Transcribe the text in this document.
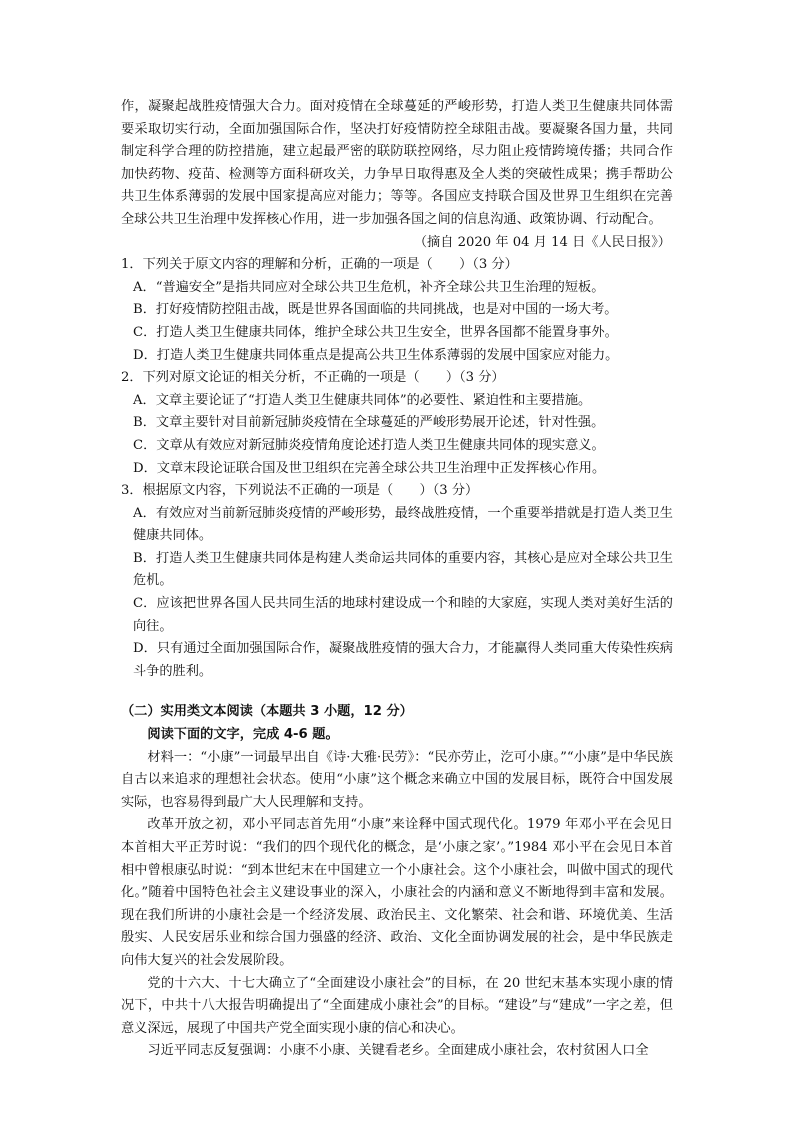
作，凝聚起战胜疫情强大合力。面对疫情在全球蔓延的严峻形势，打造人类卫生健康共同体需要采取切实行动，全面加强国际合作，坚决打好疫情防控全球阻击战。要凝聚各国力量，共同制定科学合理的防控措施，建立起最严密的联防联控网络，尽力阻止疫情跨境传播；共同合作加快药物、疫苗、检测等方面科研攻关，力争早日取得惠及全人类的突破性成果；携手帮助公共卫生体系薄弱的发展中国家提高应对能力；等等。各国应支持联合国及世界卫生组织在完善全球公共卫生治理中发挥核心作用，进一步加强各国之间的信息沟通、政策协调、行动配合。

（摘自 2020 年 04 月 14 日《人民日报》）

1．下列关于原文内容的理解和分析，正确的一项是（　　）（3 分）

A．“普遍安全”是指共同应对全球公共卫生危机，补齐全球公共卫生治理的短板。

B．打好疫情防控阻击战，既是世界各国面临的共同挑战，也是对中国的一场大考。

C．打造人类卫生健康共同体，维护全球公共卫生安全，世界各国都不能置身事外。

D．打造人类卫生健康共同体重点是提高公共卫生体系薄弱的发展中国家应对能力。

2．下列对原文论证的相关分析，不正确的一项是（　　）（3 分）

A．文章主要论证了“打造人类卫生健康共同体”的必要性、紧迫性和主要措施。

B．文章主要针对目前新冠肺炎疫情在全球蔓延的严峻形势展开论述，针对性强。

C．文章从有效应对新冠肺炎疫情角度论述打造人类卫生健康共同体的现实意义。

D．文章末段论证联合国及世卫组织在完善全球公共卫生治理中正发挥核心作用。

3．根据原文内容，下列说法不正确的一项是（　　）（3 分）

A．有效应对当前新冠肺炎疫情的严峻形势，最终战胜疫情，一个重要举措就是打造人类卫生健康共同体。

B．打造人类卫生健康共同体是构建人类命运共同体的重要内容，其核心是应对全球公共卫生危机。

C．应该把世界各国人民共同生活的地球村建设成一个和睦的大家庭，实现人类对美好生活的向往。

D．只有通过全面加强国际合作，凝聚战胜疫情的强大合力，才能赢得人类同重大传染性疾病斗争的胜利。

（二）实用类文本阅读（本题共 3 小题，12 分）

阅读下面的文字，完成 4-6 题。

材料一：“小康”一词最早出自《诗·大雅·民劳》：“民亦劳止，汔可小康。”“小康”是中华民族自古以来追求的理想社会状态。使用“小康”这个概念来确立中国的发展目标，既符合中国发展实际，也容易得到最广大人民理解和支持。

改革开放之初，邓小平同志首先用“小康”来诠释中国式现代化。1979 年邓小平在会见日本首相大平正芳时说：“我们的四个现代化的概念，是‘小康之家’。”1984 邓小平在会见日本首相中曾根康弘时说：“到本世纪末在中国建立一个小康社会。这个小康社会，叫做中国式的现代化。”随着中国特色社会主义建设事业的深入，小康社会的内涵和意义不断地得到丰富和发展。现在我们所讲的小康社会是一个经济发展、政治民主、文化繁荣、社会和谐、环境优美、生活殷实、人民安居乐业和综合国力强盛的经济、政治、文化全面协调发展的社会，是中华民族走向伟大复兴的社会发展阶段。

党的十六大、十七大确立了“全面建设小康社会”的目标，在 20 世纪末基本实现小康的情况下，中共十八大报告明确提出了“全面建成小康社会”的目标。“建设”与“建成”一字之差，但意义深远，展现了中国共产党全面实现小康的信心和决心。

习近平同志反复强调：小康不小康、关键看老乡。全面建成小康社会，农村贫困人口全
